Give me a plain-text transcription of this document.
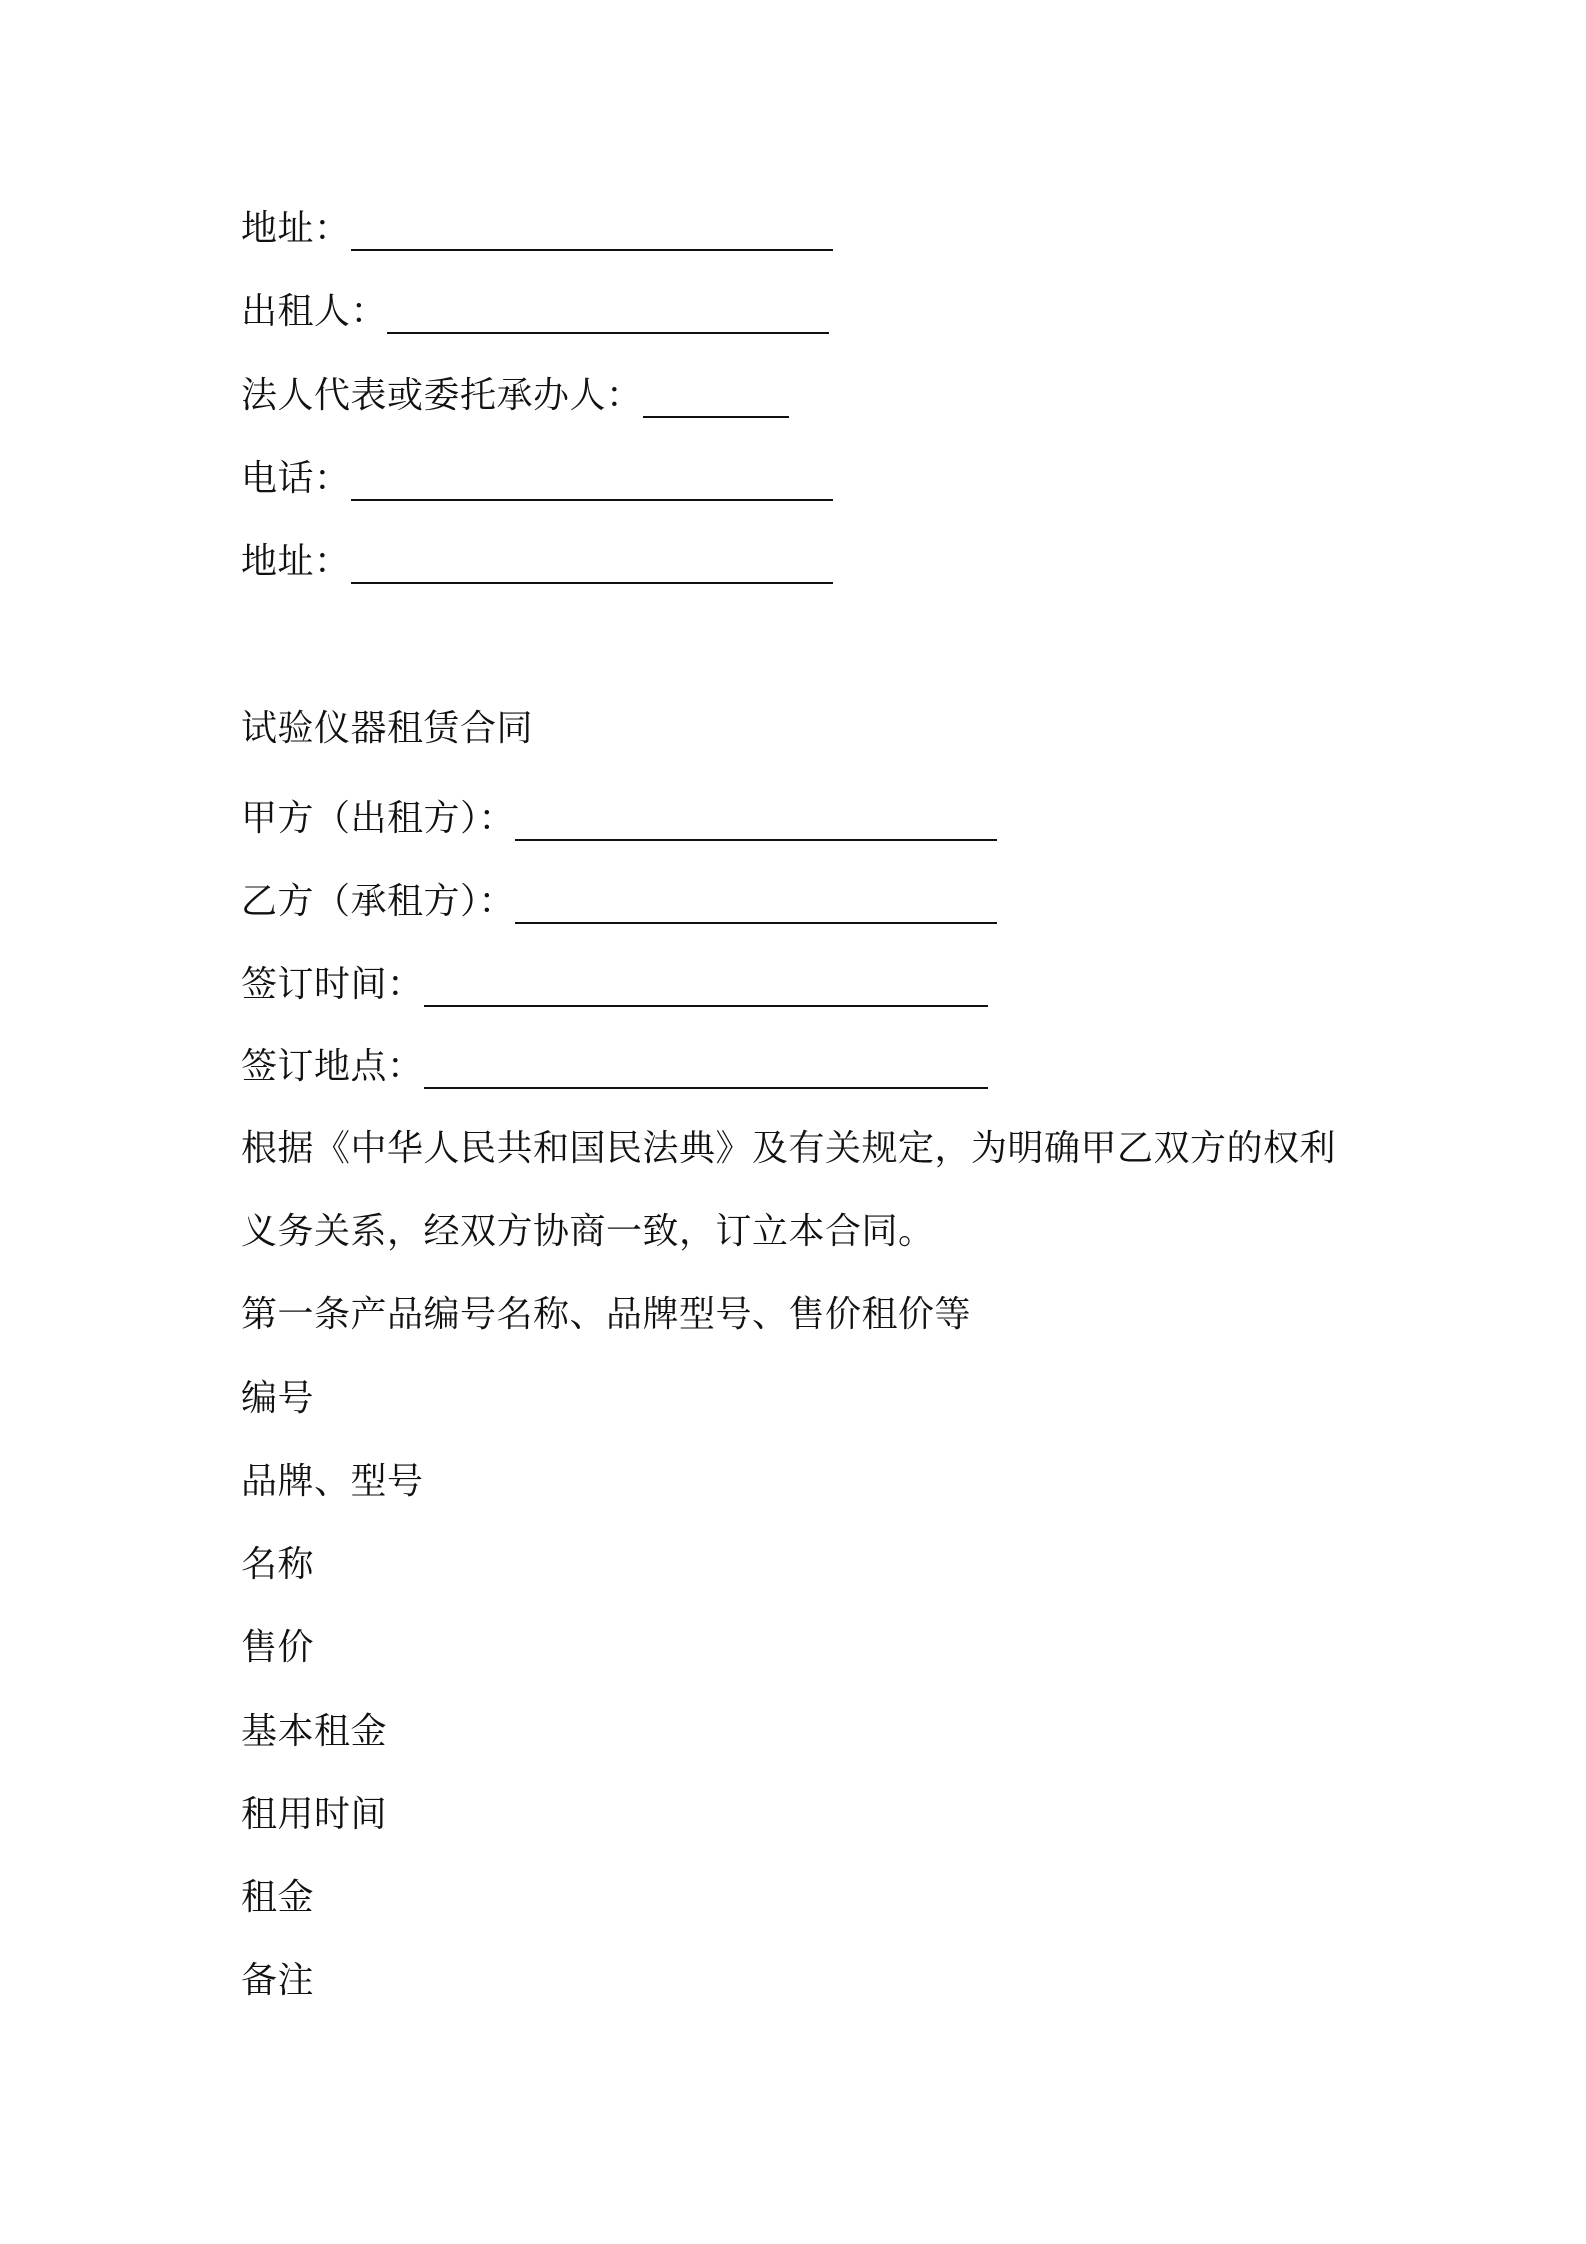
地址：
出租人：
法人代表或委托承办人：
电话：
地址：
试验仪器租赁合同
甲方（出租方）：
乙方（承租方）：
签订时间：
签订地点：
根据《中华人民共和国民法典》及有关规定，为明确甲乙双方的权利
义务关系，经双方协商一致，订立本合同。
第一条产品编号名称、品牌型号、售价租价等
编号
品牌、型号
名称
售价
基本租金
租用时间
租金
备注
